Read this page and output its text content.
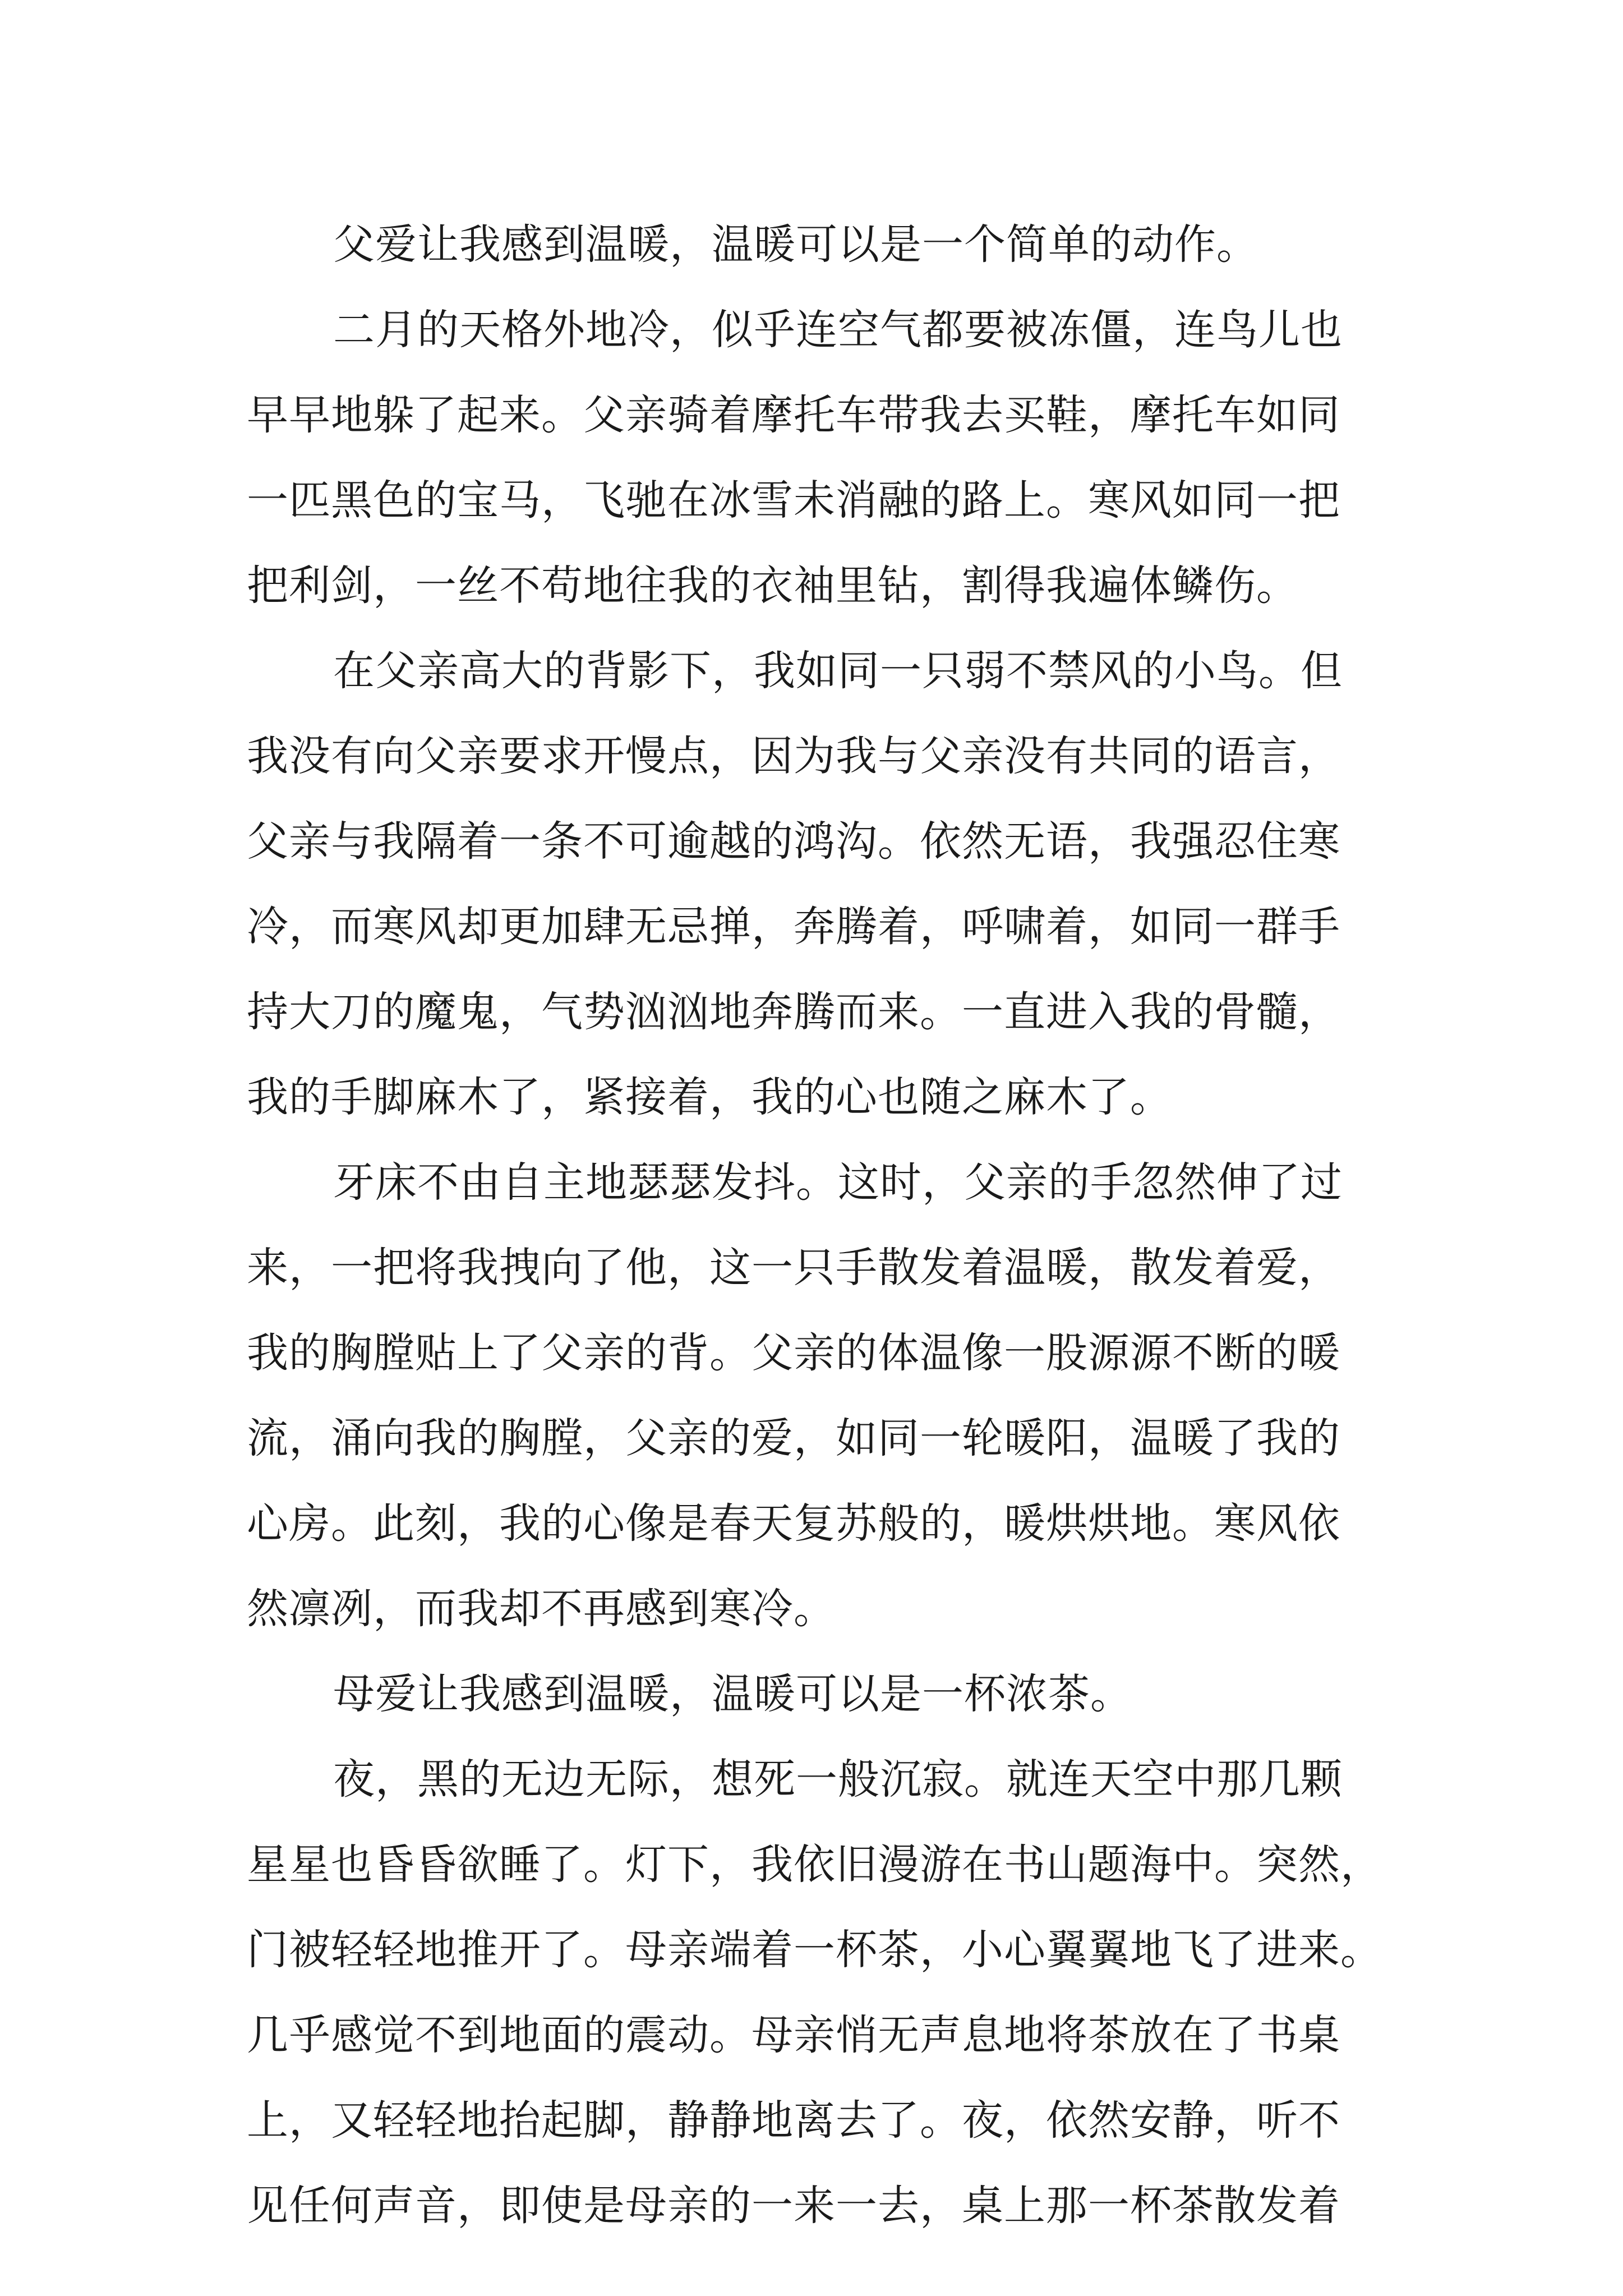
父爱让我感到温暖，温暖可以是一个简单的动作。
二月的天格外地冷，似乎连空气都要被冻僵，连鸟儿也
早早地躲了起来。父亲骑着摩托车带我去买鞋，摩托车如同
一匹黑色的宝马，飞驰在冰雪未消融的路上。寒风如同一把
把利剑，一丝不苟地往我的衣袖里钻，割得我遍体鳞伤。
在父亲高大的背影下，我如同一只弱不禁风的小鸟。但
我没有向父亲要求开慢点，因为我与父亲没有共同的语言，
父亲与我隔着一条不可逾越的鸿沟。依然无语，我强忍住寒
冷，而寒风却更加肆无忌掸，奔腾着，呼啸着，如同一群手
持大刀的魔鬼，气势汹汹地奔腾而来。一直进入我的骨髓，
我的手脚麻木了，紧接着，我的心也随之麻木了。
牙床不由自主地瑟瑟发抖。这时，父亲的手忽然伸了过
来，一把将我拽向了他，这一只手散发着温暖，散发着爱，
我的胸膛贴上了父亲的背。父亲的体温像一股源源不断的暖
流，涌向我的胸膛，父亲的爱，如同一轮暖阳，温暖了我的
心房。此刻，我的心像是春天复苏般的，暖烘烘地。寒风依
然凛冽，而我却不再感到寒冷。
母爱让我感到温暖，温暖可以是一杯浓茶。
夜，黑的无边无际，想死一般沉寂。就连天空中那几颗
星星也昏昏欲睡了。灯下，我依旧漫游在书山题海中。突然，
门被轻轻地推开了。母亲端着一杯茶，小心翼翼地飞了进来。
几乎感觉不到地面的震动。母亲悄无声息地将茶放在了书桌
上，又轻轻地抬起脚，静静地离去了。夜，依然安静，听不
见任何声音，即使是母亲的一来一去，桌上那一杯茶散发着
